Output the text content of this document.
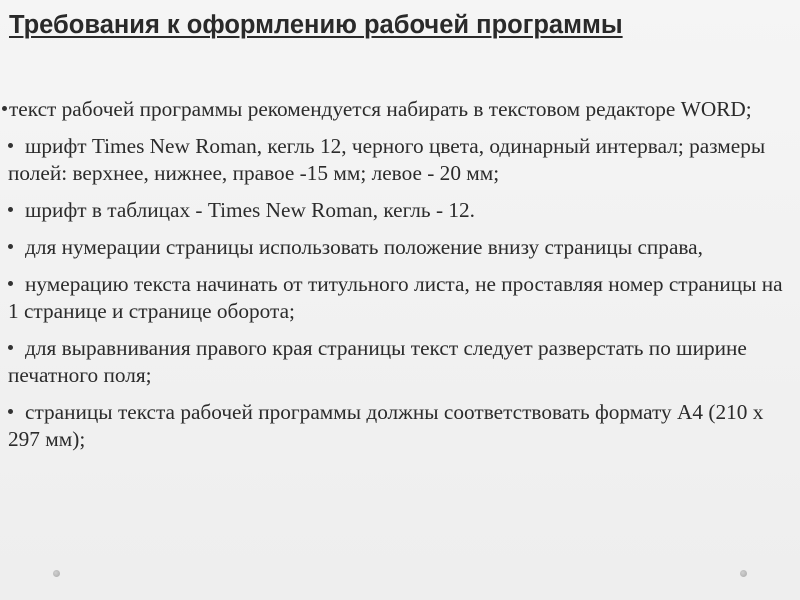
Требования к оформлению рабочей программы
текст рабочей программы рекомендуется набирать в текстовом редакторе WORD;
шрифт Times New Roman, кегль 12, черного цвета, одинарный интервал; размеры полей: верхнее, нижнее, правое -15 мм; левое - 20 мм;
шрифт в таблицах - Times New Roman, кегль - 12.
для нумерации страницы использовать положение внизу страницы справа,
нумерацию текста начинать от титульного листа, не проставляя номер страницы на 1 странице и странице оборота;
для выравнивания правого края страницы текст следует разверстать по ширине печатного поля;
страницы текста рабочей программы должны соответствовать формату А4 (210 х 297 мм);
